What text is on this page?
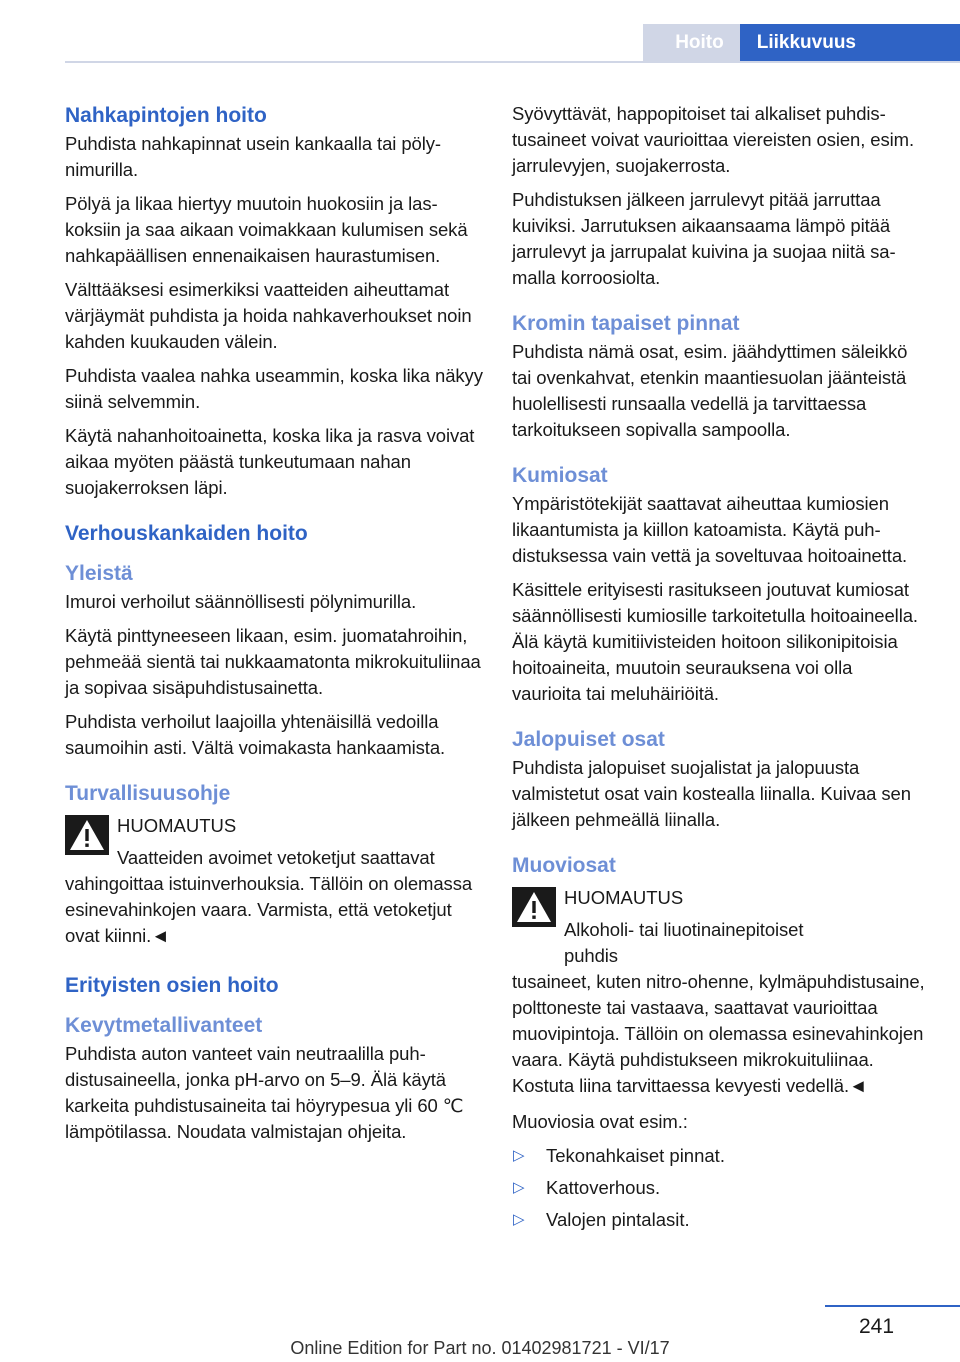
Hoito	Liikkuvuus
Nahkapintojen hoito

Puhdista nahkapinnat usein kankaalla tai pölynimurilla.

Pölyä ja likaa hiertyy muutoin huokosiin ja laskoksiin ja saa aikaan voimakkaan kulumisen sekä nahkapäällisen ennenaikaisen haurastumisen.

Välttääksesi esimerkiksi vaatteiden aiheuttamat värjäymät puhdista ja hoida nahkaverhoukset noin kahden kuukauden välein.

Puhdista vaalea nahka useammin, koska lika näkyy siinä selvemmin.

Käytä nahanhoitoainetta, koska lika ja rasva voivat aikaa myöten päästä tunkeutumaan nahan suojakerroksen läpi.

Verhouskankaiden hoito
Yleistä

Imuroi verhoilut säännöllisesti pölynimurilla.

Käytä pinttyneeseen likaan, esim. juomatahroihin, pehmeää sientä tai nukkaamatonta mikrokuituliinaa ja sopivaa sisäpuhdistusainetta.

Puhdista verhoilut laajoilla yhtenäisillä vedoilla saumoihin asti. Vältä voimakasta hankaamista.

Turvallisuusohje
HUOMAUTUS

Vaatteiden avoimet vetoketjut saattavat

vahingoittaa istuinverhouksia. Tällöin on olemassa esinevahinkojen vaara. Varmista, että vetoketjut ovat kiinni.◄

Erityisten osien hoito
Kevytmetallivanteet

Puhdista auton vanteet vain neutraalilla puhdistusaineella, jonka pH-arvo on 5–9. Älä käytä karkeita puhdistusaineita tai höyrypesua yli 60 ℃ lämpötilassa. Noudata valmistajan ohjeita.

Syövyttävät, happopitoiset tai alkaliset puhdistusaineet voivat vaurioittaa viereisten osien, esim. jarrulevyjen, suojakerrosta.

Puhdistuksen jälkeen jarrulevyt pitää jarruttaa kuiviksi. Jarrutuksen aikaansaama lämpö pitää jarrulevyt ja jarrupalat kuivina ja suojaa niitä samalla korroosiolta.

Kromin tapaiset pinnat

Puhdista nämä osat, esim. jäähdyttimen säleikkö tai ovenkahvat, etenkin maantiesuolan jäänteistä huolellisesti runsaalla vedellä ja tarvittaessa tarkoitukseen sopivalla sampoolla.

Kumiosat

Ympäristötekijät saattavat aiheuttaa kumiosien likaantumista ja kiillon katoamista. Käytä puhdistuksessa vain vettä ja soveltuvaa hoitoainetta.

Käsittele erityisesti rasitukseen joutuvat kumiosat säännöllisesti kumiosille tarkoitetulla hoitoaineella. Älä käytä kumitiivisteiden hoitoon silikonipitoisia hoitoaineita, muutoin seurauksena voi olla vaurioita tai meluhäiriöitä.

Jalopuiset osat

Puhdista jalopuiset suojalistat ja jalopuusta valmistetut osat vain kostealla liinalla. Kuivaa sen jälkeen pehmeällä liinalla.

Muoviosat
HUOMAUTUS

Alkoholi- tai liuotinainepitoiset puhdis

tusaineet, kuten nitro-ohenne, kylmäpuhdistusaine, polttoneste tai vastaava, saattavat vaurioittaa muovipintoja. Tällöin on olemassa esinevahinkojen vaara. Käytä puhdistukseen mikrokuituliinaa. Kostuta liina tarvittaessa kevyesti vedellä.◄

Muoviosia ovat esim.:

▷	Tekonahkaiset pinnat.
▷	Kattoverhous.
▷	Valojen pintalasit.
241
Online Edition for Part no. 01402981721 - VI/17
